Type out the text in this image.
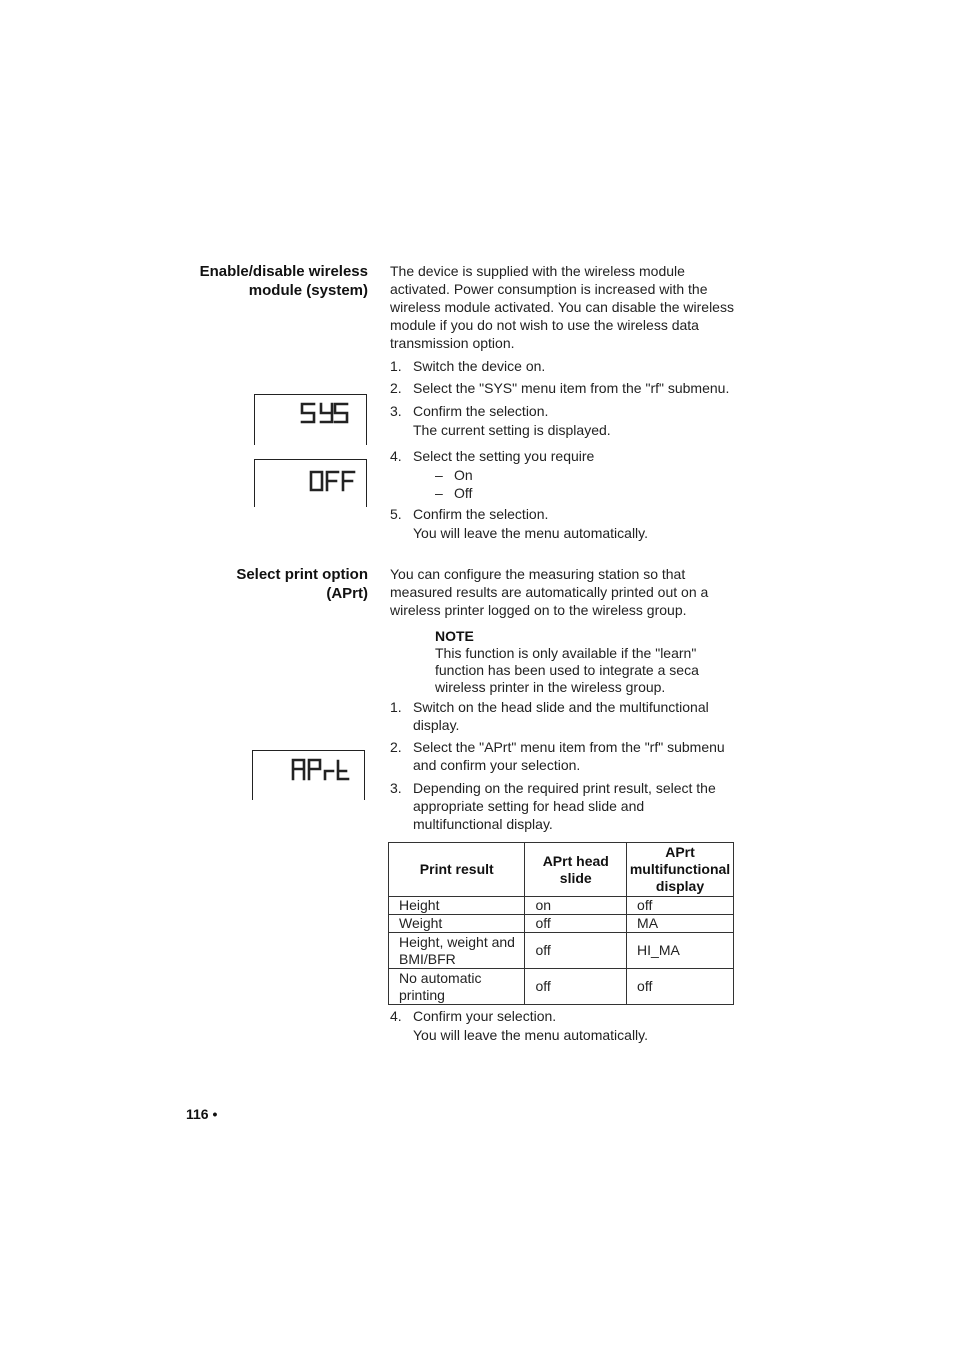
Enable/disable wireless
module (system)
The device is supplied with the wireless module activated. Power consumption is increased with the wireless module activated. You can disable the wireless module if you do not wish to use the wireless data transmission option.
1. Switch the device on.
2. Select the "SYS" menu item from the "rf" submenu.
3. Confirm the selection.
The current setting is displayed.
4. Select the setting you require
– On
– Off
5. Confirm the selection.
You will leave the menu automatically.
Select print option
(APrt)
You can configure the measuring station so that measured results are automatically printed out on a wireless printer logged on to the wireless group.
NOTE
This function is only available if the "learn" function has been used to integrate a seca wireless printer in the wireless group.
1. Switch on the head slide and the multifunctional display.
2. Select the "APrt" menu item from the "rf" submenu and confirm your selection.
3. Depending on the required print result, select the appropriate setting for head slide and multifunctional display.
Print result	APrt head slide	APrt multifunctional display
Height	on	off
Weight	off	MA
Height, weight and BMI/BFR	off	HI_MA
No automatic printing	off	off
4. Confirm your selection.
You will leave the menu automatically.
116 •
